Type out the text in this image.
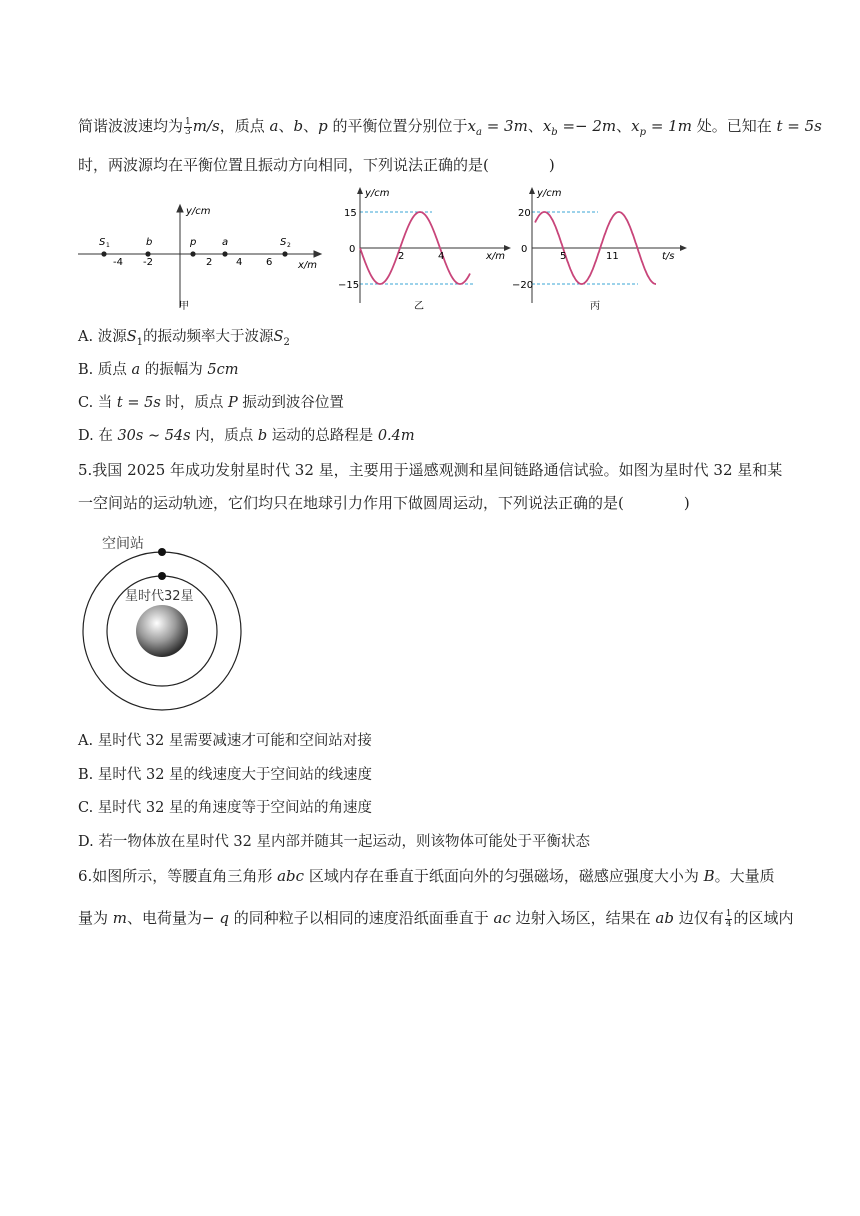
简谐波波速均为 $\frac{1}{3} m/s$，质点 a、b、p 的平衡位置分别位于$x_a = 3m$、$x_b =- 2m$、$x_p = 1m$ 处。已知在 t = 5s
时，两波源均在平衡位置且振动方向相同，下列说法正确的是(　　　　)
y/cm
x/m
S 1	b	p	a	S 2
-4 -2	2 4 6
甲
y/cm
x/m
15
0
−15
2	4
乙
y/cm
t/s
20
0
−20
5	11
丙
A. 波源$S_1$的振动频率大于波源$S_2$
B. 质点 a 的振幅为 5cm
C. 当 t = 5s 时，质点 P 振动到波谷位置
D. 在 30s ∼ 54s 内，质点 b 运动的总路程是 0.4m
5.我国 2025 年成功发射星时代 32 星，主要用于遥感观测和星间链路通信试验。如图为星时代 32 星和某
一空间站的运动轨迹，它们均只在地球引力作用下做圆周运动，下列说法正确的是(　　　　)
空间站
星时代32星
A. 星时代 32 星需要减速才可能和空间站对接
B. 星时代 32 星的线速度大于空间站的线速度
C. 星时代 32 星的角速度等于空间站的角速度
D. 若一物体放在星时代 32 星内部并随其一起运动，则该物体可能处于平衡状态
6.如图所示，等腰直角三角形 abc 区域内存在垂直于纸面向外的匀强磁场，磁感应强度大小为 B。大量质
量为 m、电荷量为− q 的同种粒子以相同的速度沿纸面垂直于 ac 边射入场区，结果在 ab 边仅有 $\frac{1}{4}$ 的区域内
